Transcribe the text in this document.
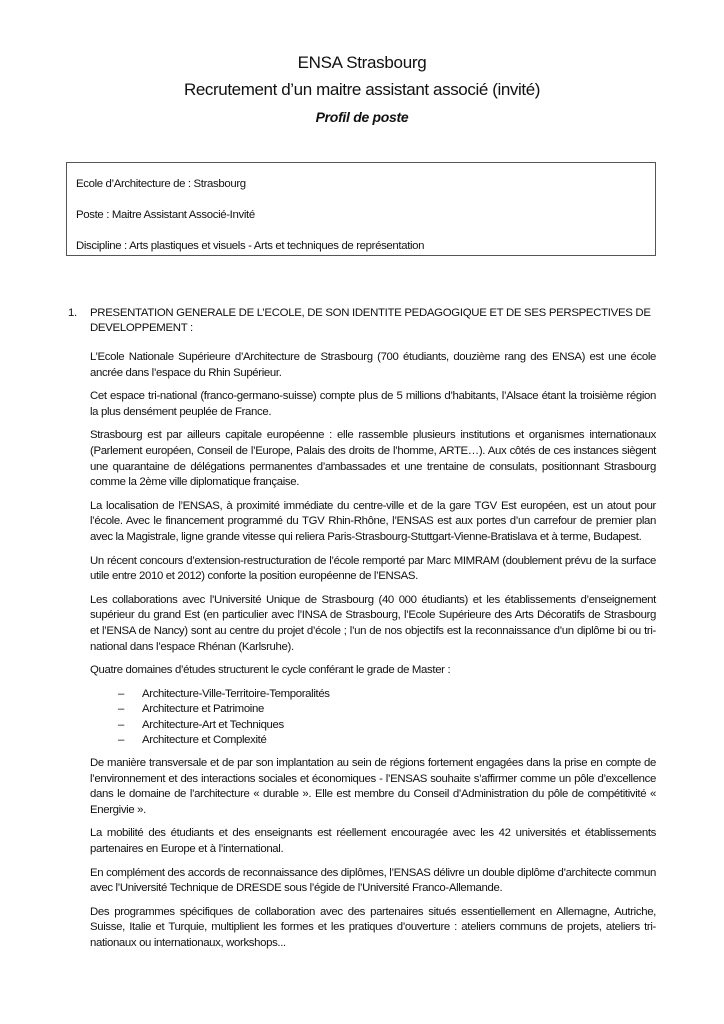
ENSA Strasbourg
Recrutement d’un maitre assistant associé (invité)
Profil de poste
Ecole d’Architecture de : Strasbourg
Poste : Maitre Assistant Associé-Invité
Discipline : Arts plastiques et visuels - Arts et techniques de représentation
1.	PRESENTATION GENERALE DE L’ECOLE, DE SON IDENTITE PEDAGOGIQUE ET DE SES PERSPECTIVES DE DEVELOPPEMENT :

L’Ecole Nationale Supérieure d’Architecture de Strasbourg (700 étudiants, douzième rang des ENSA) est une école ancrée dans l’espace du Rhin Supérieur.

Cet espace tri-national (franco-germano-suisse) compte plus de 5 millions d’habitants, l’Alsace étant la troisième région la plus densément peuplée de France.

Strasbourg est par ailleurs capitale européenne : elle rassemble plusieurs institutions et organismes internationaux (Parlement européen, Conseil de l’Europe, Palais des droits de l’homme, ARTE…). Aux côtés de ces instances siègent une quarantaine de délégations permanentes d’ambassades et une trentaine de consulats, positionnant Strasbourg comme la 2ème ville diplomatique française.

La localisation de l’ENSAS, à proximité immédiate du centre-ville et de la gare TGV Est européen, est un atout pour l’école. Avec le financement programmé du TGV Rhin-Rhône, l’ENSAS est aux portes d’un carrefour de premier plan avec la Magistrale, ligne grande vitesse qui reliera Paris-Strasbourg-Stuttgart-Vienne-Bratislava et à terme, Budapest.

Un récent concours d’extension-restructuration de l’école remporté par Marc MIMRAM (doublement prévu de la surface utile entre 2010 et 2012) conforte la position européenne de l’ENSAS.

Les collaborations avec l’Université Unique de Strasbourg (40 000 étudiants) et les établissements d’enseignement supérieur du grand Est (en particulier avec l’INSA de Strasbourg, l’Ecole Supérieure des Arts Décoratifs de Strasbourg et l’ENSA de Nancy) sont au centre du projet d’école ; l’un de nos objectifs est la reconnaissance d’un diplôme bi ou tri-national dans l’espace Rhénan (Karlsruhe).

Quatre domaines d’études structurent le cycle conférant le grade de Master :

– Architecture-Ville-Territoire-Temporalités
– Architecture et Patrimoine
– Architecture-Art et Techniques
– Architecture et Complexité

De manière transversale et de par son implantation au sein de régions fortement engagées dans la prise en compte de l’environnement et des interactions sociales et économiques - l’ENSAS souhaite s’affirmer comme un pôle d’excellence dans le domaine de l’architecture « durable ». Elle est membre du Conseil d’Administration du pôle de compétitivité « Energivie ».

La mobilité des étudiants et des enseignants est réellement encouragée avec les 42 universités et établissements partenaires en Europe et à l’international.

En complément des accords de reconnaissance des diplômes, l’ENSAS délivre un double diplôme d’architecte commun avec l’Université Technique de DRESDE sous l’égide de l’Université Franco-Allemande.

Des programmes spécifiques de collaboration avec des partenaires situés essentiellement en Allemagne, Autriche, Suisse, Italie et Turquie, multiplient les formes et les pratiques d’ouverture : ateliers communs de projets, ateliers tri-nationaux ou internationaux, workshops...
